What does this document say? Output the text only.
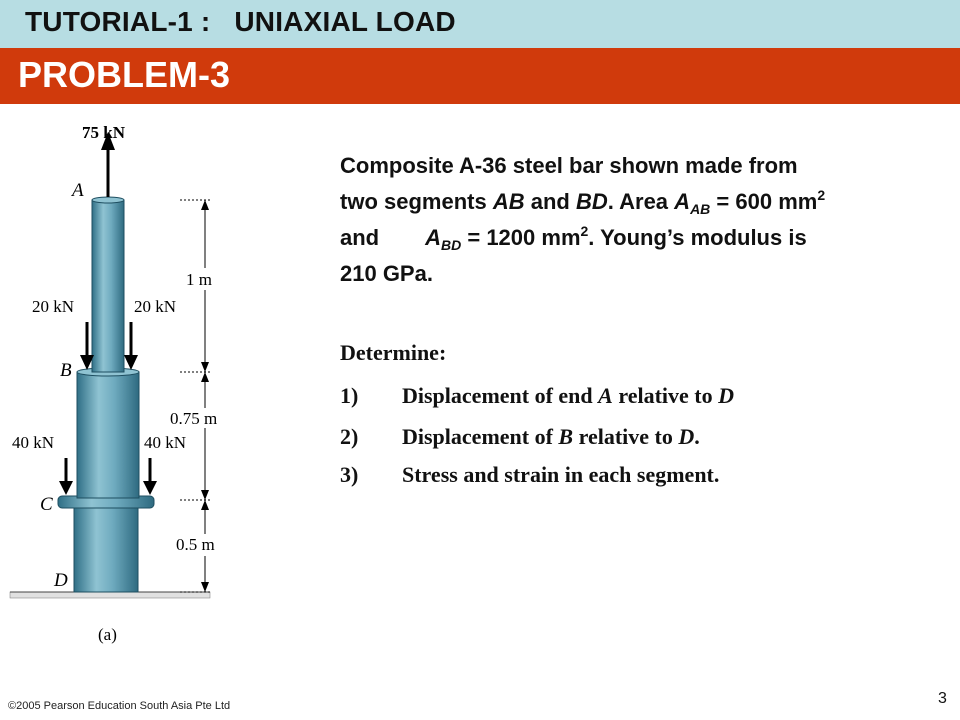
TUTORIAL-1 :   UNIAXIAL LOAD
PROBLEM-3
75 kN
A
20 kN	20 kN
B
40 kN	40 kN
C
D
1 m
0.75 m
0.5 m
(a)
Composite A-36 steel bar shown made from
two segments AB and BD. Area $A_{AB} = 600$ $mm^2$
and $A_{BD} = 1200$ $mm^2$. Young’s modulus is
210 GPa.
Determine:
1) Displacement of end A relative to D
2) Displacement of B relative to D.
3) Stress and strain in each segment.
©2005 Pearson Education South Asia Pte Ltd	3
